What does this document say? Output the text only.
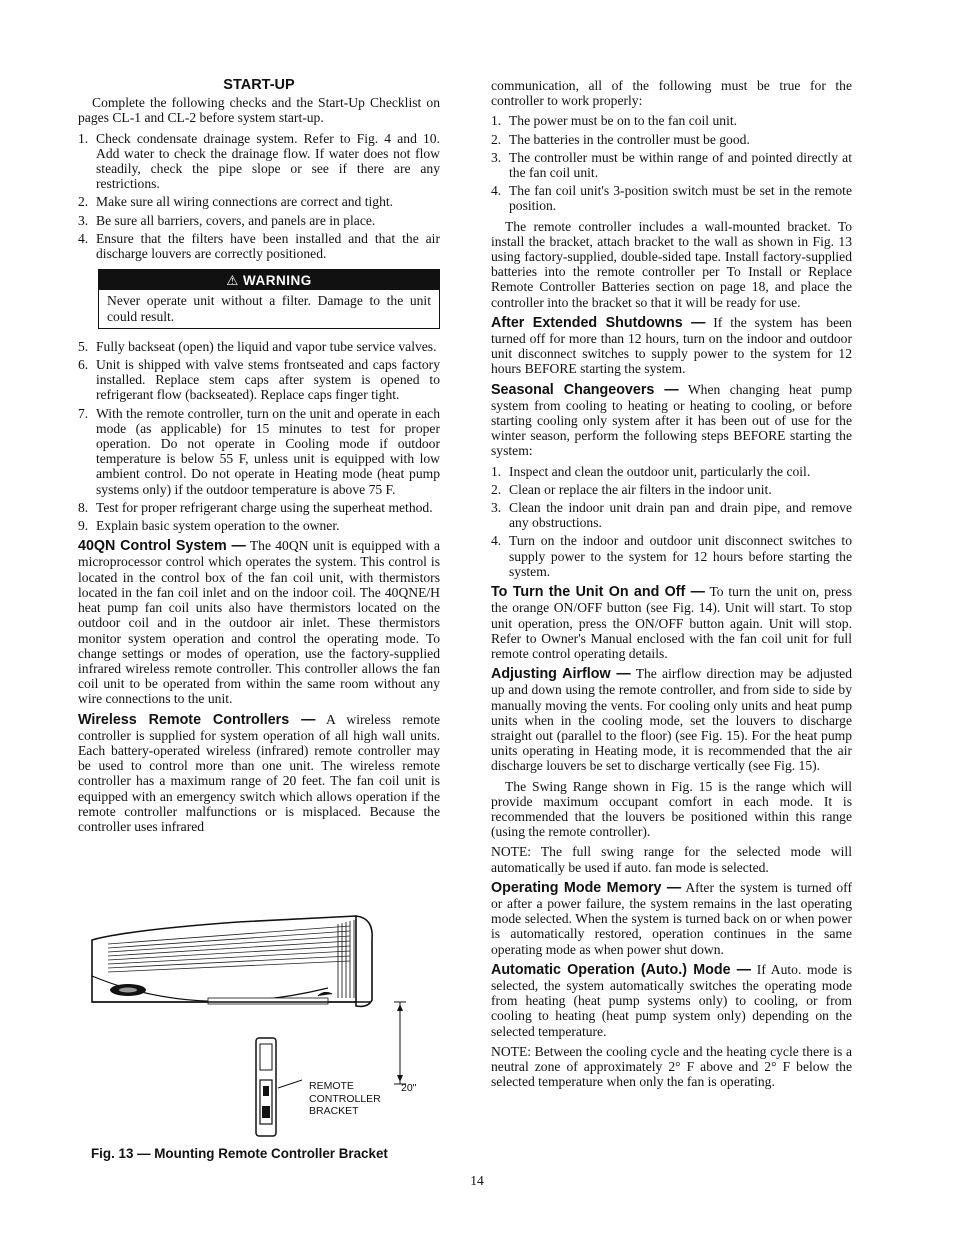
START-UP

Complete the following checks and the Start-Up Checklist on pages CL-1 and CL-2 before system start-up.

1. Check condensate drainage system. Refer to Fig. 4 and 10. Add water to check the drainage flow. If water does not flow steadily, check the pipe slope or see if there are any restrictions.
2. Make sure all wiring connections are correct and tight.
3. Be sure all barriers, covers, and panels are in place.
4. Ensure that the filters have been installed and that the air discharge louvers are correctly positioned.
⚠ WARNING
Never operate unit without a filter. Damage to the unit could result.
5. Fully backseat (open) the liquid and vapor tube service valves.
6. Unit is shipped with valve stems frontseated and caps factory installed. Replace stem caps after system is opened to refrigerant flow (backseated). Replace caps finger tight.
7. With the remote controller, turn on the unit and operate in each mode (as applicable) for 15 minutes to test for proper operation. Do not operate in Cooling mode if outdoor temperature is below 55 F, unless unit is equipped with low ambient control. Do not operate in Heating mode (heat pump systems only) if the outdoor temperature is above 75 F.
8. Test for proper refrigerant charge using the superheat method.
9. Explain basic system operation to the owner.

40QN Control System — The 40QN unit is equipped with a microprocessor control which operates the system. This control is located in the control box of the fan coil unit, with thermistors located in the fan coil inlet and on the indoor coil. The 40QNE/H heat pump fan coil units also have thermistors located on the outdoor coil and in the outdoor air inlet. These thermistors monitor system operation and control the operating mode. To change settings or modes of operation, use the factory-supplied infrared wireless remote controller. This controller allows the fan coil unit to be operated from within the same room without any wire connections to the unit.

Wireless Remote Controllers — A wireless remote controller is supplied for system operation of all high wall units. Each battery-operated wireless (infrared) remote controller may be used to control more than one unit. The wireless remote controller has a maximum range of 20 feet. The fan coil unit is equipped with an emergency switch which allows operation if the remote controller malfunctions or is misplaced. Because the controller uses infrared

20"
REMOTE
CONTROLLER
BRACKET
Fig. 13 — Mounting Remote Controller Bracket

communication, all of the following must be true for the controller to work properly:

1. The power must be on to the fan coil unit.
2. The batteries in the controller must be good.
3. The controller must be within range of and pointed directly at the fan coil unit.
4. The fan coil unit's 3-position switch must be set in the remote position.

The remote controller includes a wall-mounted bracket. To install the bracket, attach bracket to the wall as shown in Fig. 13 using factory-supplied, double-sided tape. Install factory-supplied batteries into the remote controller per To Install or Replace Remote Controller Batteries section on page 18, and place the controller into the bracket so that it will be ready for use.

After Extended Shutdowns — If the system has been turned off for more than 12 hours, turn on the indoor and outdoor unit disconnect switches to supply power to the system for 12 hours BEFORE starting the system.

Seasonal Changeovers — When changing heat pump system from cooling to heating or heating to cooling, or before starting cooling only system after it has been out of use for the winter season, perform the following steps BEFORE starting the system:

1. Inspect and clean the outdoor unit, particularly the coil.
2. Clean or replace the air filters in the indoor unit.
3. Clean the indoor unit drain pan and drain pipe, and remove any obstructions.
4. Turn on the indoor and outdoor unit disconnect switches to supply power to the system for 12 hours before starting the system.

To Turn the Unit On and Off — To turn the unit on, press the orange ON/OFF button (see Fig. 14). Unit will start. To stop unit operation, press the ON/OFF button again. Unit will stop. Refer to Owner's Manual enclosed with the fan coil unit for full remote control operating details.

Adjusting Airflow — The airflow direction may be adjusted up and down using the remote controller, and from side to side by manually moving the vents. For cooling only units and heat pump units when in the cooling mode, set the louvers to discharge straight out (parallel to the floor) (see Fig. 15). For the heat pump units operating in Heating mode, it is recommended that the air discharge louvers be set to discharge vertically (see Fig. 15).

The Swing Range shown in Fig. 15 is the range which will provide maximum occupant comfort in each mode. It is recommended that the louvers be positioned within this range (using the remote controller).

NOTE: The full swing range for the selected mode will automatically be used if auto. fan mode is selected.

Operating Mode Memory — After the system is turned off or after a power failure, the system remains in the last operating mode selected. When the system is turned back on or when power is automatically restored, operation continues in the same operating mode as when power shut down.

Automatic Operation (Auto.) Mode — If Auto. mode is selected, the system automatically switches the operating mode from heating (heat pump systems only) to cooling, or from cooling to heating (heat pump system only) depending on the selected temperature.

NOTE: Between the cooling cycle and the heating cycle there is a neutral zone of approximately 2° F above and 2° F below the selected temperature when only the fan is operating.

14
